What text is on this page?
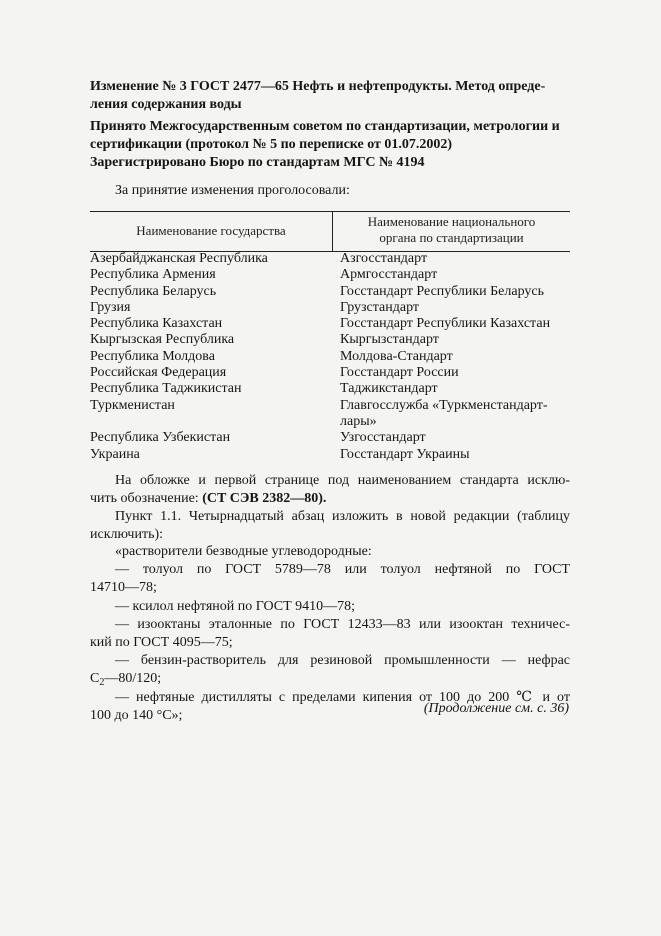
Изменение № 3 ГОСТ 2477—65 Нефть и нефтепродукты. Метод опреде-
ления содержания воды
Принято Межгосударственным советом по стандартизации, метрологии и
сертификации (протокол № 5 по переписке от 01.07.2002)
Зарегистрировано Бюро по стандартам МГС № 4194
За принятие изменения проголосовали:
Наименование государства
Наименование национального
органа по стандартизации
Азербайджанская Республика	Азгосстандарт
Республика Армения	Армгосстандарт
Республика Беларусь	Госстандарт Республики Беларусь
Грузия	Грузстандарт
Республика Казахстан	Госстандарт Республики Казахстан
Кыргызская Республика	Кыргызстандарт
Республика Молдова	Молдова-Стандарт
Российская Федерация	Госстандарт России
Республика Таджикистан	Таджикстандарт
Туркменистан	Главгосслужба «Туркменстандарт-
лары»
Республика Узбекистан	Узгосстандарт
Украина	Госстандарт Украины
На обложке и первой странице под наименованием стандарта исклю-
чить обозначение: (СТ СЭВ 2382—80).
Пункт 1.1. Четырнадцатый абзац изложить в новой редакции (таблицу
исключить):
«растворители безводные углеводородные:
— толуол по ГОСТ 5789—78 или толуол нефтяной по ГОСТ
14710—78;
— ксилол нефтяной по ГОСТ 9410—78;
— изооктаны эталонные по ГОСТ 12433—83 или изооктан техничес-
кий по ГОСТ 4095—75;
— бензин-растворитель для резиновой промышленности — нефрас
$С_2—80/120$;
— нефтяные дистилляты с пределами кипения от 100 до 200 ℃ и от
100 до 140 °С»;	(Продолжение см. с. 36)
